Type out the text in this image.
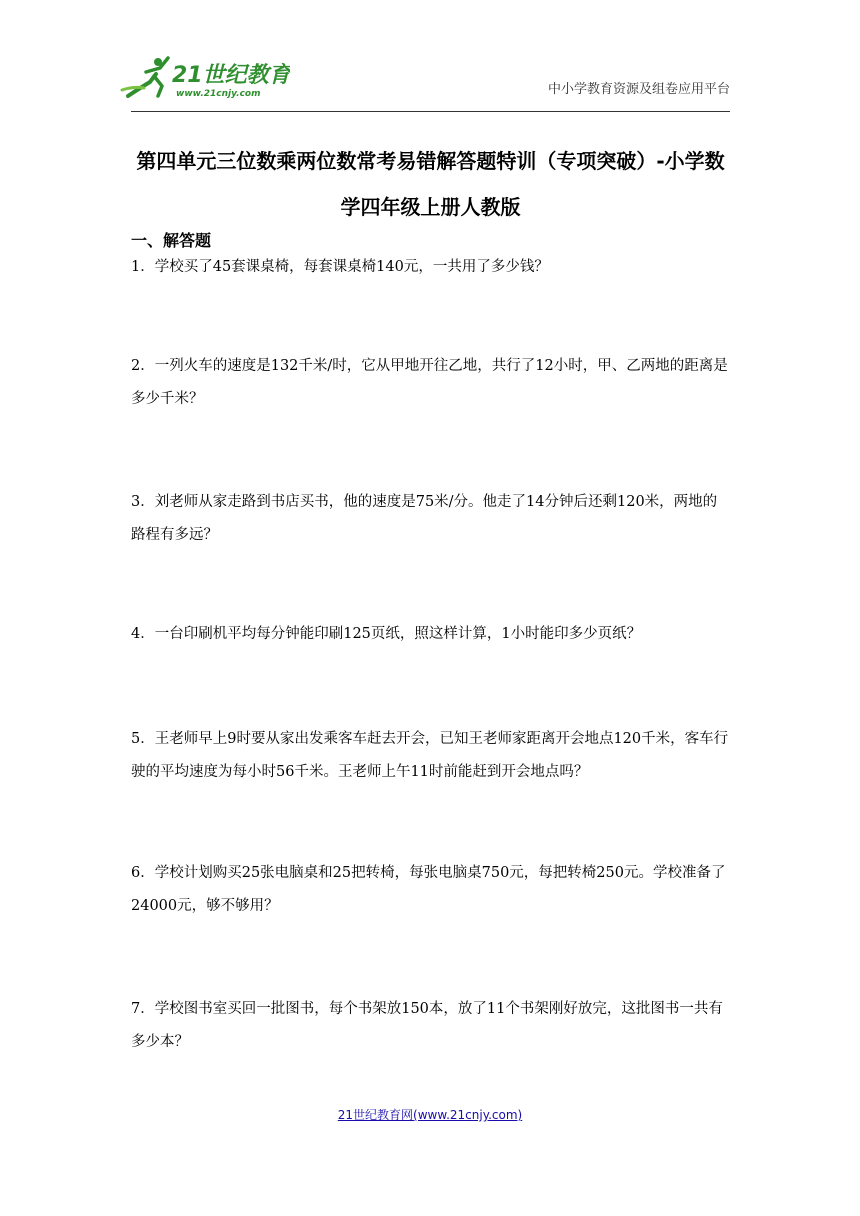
21世纪教育
www.21cnjy.com	中小学教育资源及组卷应用平台
第四单元三位数乘两位数常考易错解答题特训（专项突破）-小学数学四年级上册人教版
一、解答题

1．学校买了45套课桌椅，每套课桌椅140元，一共用了多少钱？

2．一列火车的速度是132千米/时，它从甲地开往乙地，共行了12小时，甲、乙两地的距离是多少千米？

3．刘老师从家走路到书店买书，他的速度是75米/分。他走了14分钟后还剩120米，两地的路程有多远？

4．一台印刷机平均每分钟能印刷125页纸，照这样计算，1小时能印多少页纸？

5．王老师早上9时要从家出发乘客车赶去开会，已知王老师家距离开会地点120千米，客车行驶的平均速度为每小时56千米。王老师上午11时前能赶到开会地点吗？

6．学校计划购买25张电脑桌和25把转椅，每张电脑桌750元，每把转椅250元。学校准备了24000元，够不够用？

7．学校图书室买回一批图书，每个书架放150本，放了11个书架刚好放完，这批图书一共有多少本？

21世纪教育网(www.21cnjy.com)
